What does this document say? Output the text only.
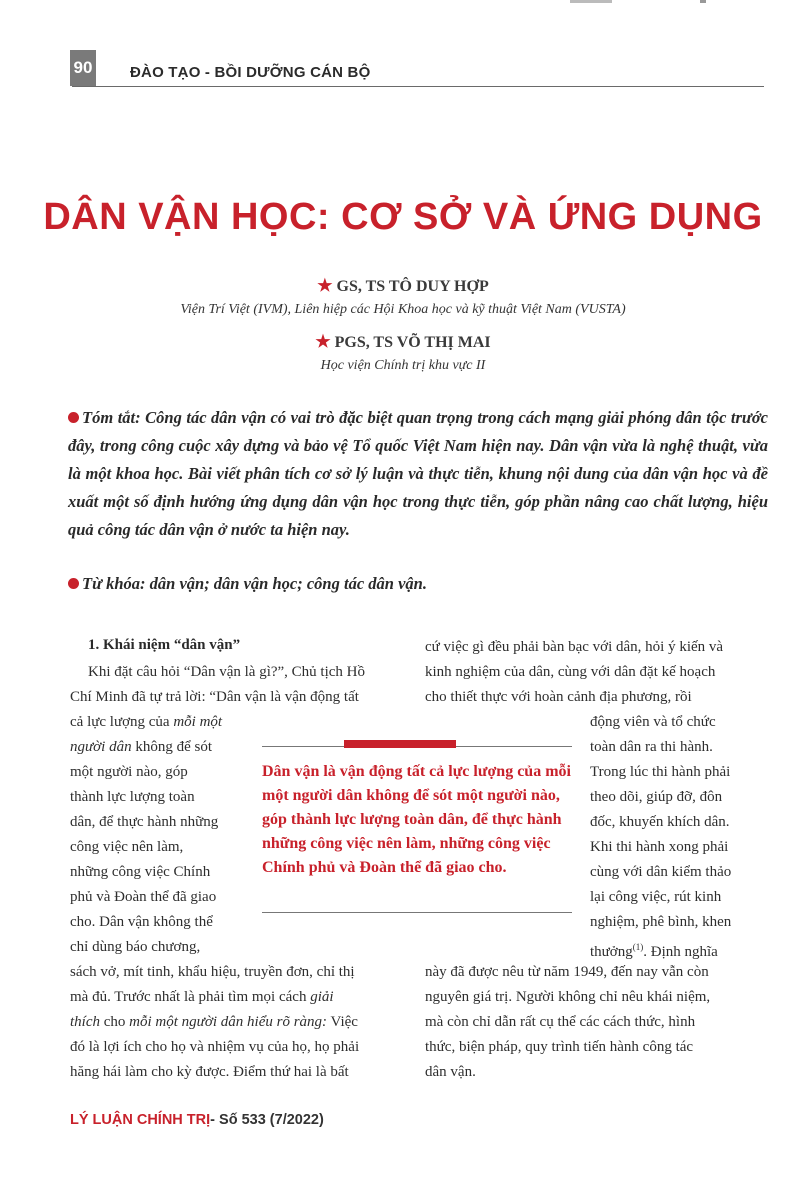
90	ĐÀO TẠO - BỒI DƯỠNG CÁN BỘ
DÂN VẬN HỌC: CƠ SỞ VÀ ỨNG DỤNG
★ GS, TS TÔ DUY HỢP
Viện Trí Việt (IVM), Liên hiệp các Hội Khoa học và kỹ thuật Việt Nam (VUSTA)
★ PGS, TS VÕ THỊ MAI
Học viện Chính trị khu vực II
Tóm tắt: Công tác dân vận có vai trò đặc biệt quan trọng trong cách mạng giải phóng dân tộc trước đây, trong công cuộc xây dựng và bảo vệ Tổ quốc Việt Nam hiện nay. Dân vận vừa là nghệ thuật, vừa là một khoa học. Bài viết phân tích cơ sở lý luận và thực tiễn, khung nội dung của dân vận học và đề xuất một số định hướng ứng dụng dân vận học trong thực tiễn, góp phần nâng cao chất lượng, hiệu quả công tác dân vận ở nước ta hiện nay.
Từ khóa: dân vận; dân vận học; công tác dân vận.
1. Khái niệm “dân vận”
Khi đặt câu hỏi “Dân vận là gì?”, Chủ tịch Hồ
Chí Minh đã tự trả lời: “Dân vận là vận động tất
cả lực lượng của mỗi một
người dân không để sót
một người nào, góp
thành lực lượng toàn
dân, để thực hành những
công việc nên làm,
những công việc Chính
phủ và Đoàn thể đã giao
cho. Dân vận không thể
chỉ dùng báo chương,
sách vở, mít tinh, khẩu hiệu, truyền đơn, chỉ thị
mà đủ. Trước nhất là phải tìm mọi cách giải
thích cho mỗi một người dân hiểu rõ ràng: Việc
đó là lợi ích cho họ và nhiệm vụ của họ, họ phải
hăng hái làm cho kỳ được. Điểm thứ hai là bất
Dân vận là vận động tất cả lực lượng của mỗi một người dân không để sót một người nào, góp thành lực lượng toàn dân, để thực hành những công việc nên làm, những công việc Chính phủ và Đoàn thể đã giao cho.
cứ việc gì đều phải bàn bạc với dân, hỏi ý kiến và
kinh nghiệm của dân, cùng với dân đặt kế hoạch
cho thiết thực với hoàn cảnh địa phương, rồi
động viên và tổ chức
toàn dân ra thi hành.
Trong lúc thi hành phải
theo dõi, giúp đỡ, đôn
đốc, khuyến khích dân.
Khi thi hành xong phải
cùng với dân kiểm thảo
lại công việc, rút kinh
nghiệm, phê bình, khen
thưởng$^{(1)}$. Định nghĩa
này đã được nêu từ năm 1949, đến nay vẫn còn
nguyên giá trị. Người không chỉ nêu khái niệm,
mà còn chỉ dẫn rất cụ thể các cách thức, hình
thức, biện pháp, quy trình tiến hành công tác
dân vận.
LÝ LUẬN CHÍNH TRỊ- Số 533 (7/2022)
